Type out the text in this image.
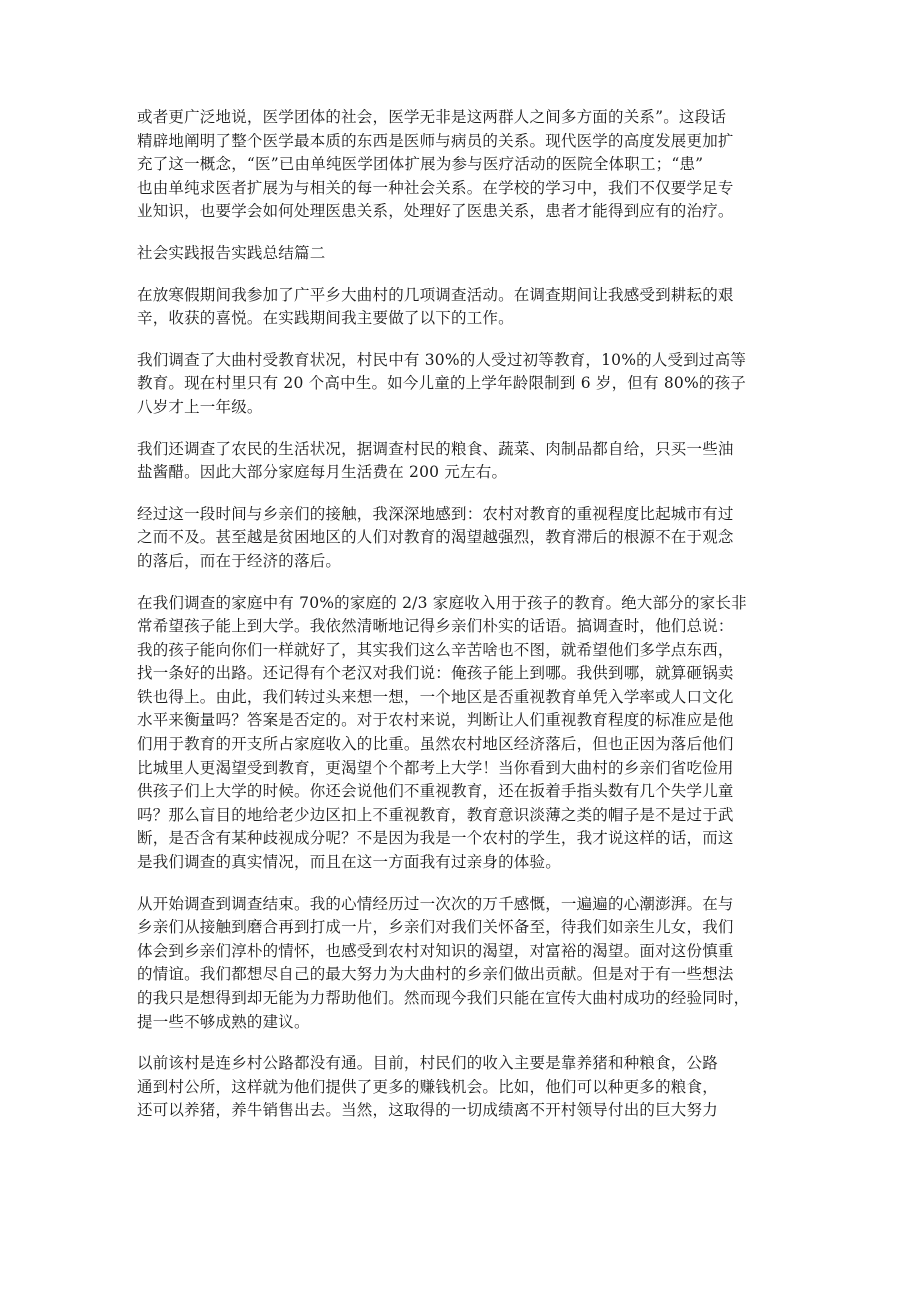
或者更广泛地说，医学团体的社会，医学无非是这两群人之间多方面的关系”。这段话
精辟地阐明了整个医学最本质的东西是医师与病员的关系。现代医学的高度发展更加扩
充了这一概念，“医”已由单纯医学团体扩展为参与医疗活动的医院全体职工；“患”
也由单纯求医者扩展为与相关的每一种社会关系。在学校的学习中，我们不仅要学足专
业知识，也要学会如何处理医患关系，处理好了医患关系，患者才能得到应有的治疗。

社会实践报告实践总结篇二

在放寒假期间我参加了广平乡大曲村的几项调查活动。在调查期间让我感受到耕耘的艰
辛，收获的喜悦。在实践期间我主要做了以下的工作。

我们调查了大曲村受教育状况，村民中有 30%的人受过初等教育，10%的人受到过高等
教育。现在村里只有 20 个高中生。如今儿童的上学年龄限制到 6 岁，但有 80%的孩子
八岁才上一年级。

我们还调查了农民的生活状况，据调查村民的粮食、蔬菜、肉制品都自给，只买一些油
盐酱醋。因此大部分家庭每月生活费在 200 元左右。

经过这一段时间与乡亲们的接触，我深深地感到：农村对教育的重视程度比起城市有过
之而不及。甚至越是贫困地区的人们对教育的渴望越强烈，教育滞后的根源不在于观念
的落后，而在于经济的落后。

在我们调查的家庭中有 70%的家庭的 2/3 家庭收入用于孩子的教育。绝大部分的家长非
常希望孩子能上到大学。我依然清晰地记得乡亲们朴实的话语。搞调查时，他们总说：
我的孩子能向你们一样就好了，其实我们这么辛苦啥也不图，就希望他们多学点东西，
找一条好的出路。还记得有个老汉对我们说：俺孩子能上到哪。我供到哪，就算砸锅卖
铁也得上。由此，我们转过头来想一想，一个地区是否重视教育单凭入学率或人口文化
水平来衡量吗？答案是否定的。对于农村来说，判断让人们重视教育程度的标准应是他
们用于教育的开支所占家庭收入的比重。虽然农村地区经济落后，但也正因为落后他们
比城里人更渴望受到教育，更渴望个个都考上大学！当你看到大曲村的乡亲们省吃俭用
供孩子们上大学的时候。你还会说他们不重视教育，还在扳着手指头数有几个失学儿童
吗？那么盲目的地给老少边区扣上不重视教育，教育意识淡薄之类的帽子是不是过于武
断，是否含有某种歧视成分呢？不是因为我是一个农村的学生，我才说这样的话，而这
是我们调查的真实情况，而且在这一方面我有过亲身的体验。

从开始调查到调查结束。我的心情经历过一次次的万千感慨，一遍遍的心潮澎湃。在与
乡亲们从接触到磨合再到打成一片，乡亲们对我们关怀备至，待我们如亲生儿女，我们
体会到乡亲们淳朴的情怀，也感受到农村对知识的渴望，对富裕的渴望。面对这份慎重
的情谊。我们都想尽自己的最大努力为大曲村的乡亲们做出贡献。但是对于有一些想法
的我只是想得到却无能为力帮助他们。然而现今我们只能在宣传大曲村成功的经验同时，
提一些不够成熟的建议。

以前该村是连乡村公路都没有通。目前，村民们的收入主要是靠养猪和种粮食，公路
通到村公所，这样就为他们提供了更多的赚钱机会。比如，他们可以种更多的粮食，
还可以养猪，养牛销售出去。当然，这取得的一切成绩离不开村领导付出的巨大努力
